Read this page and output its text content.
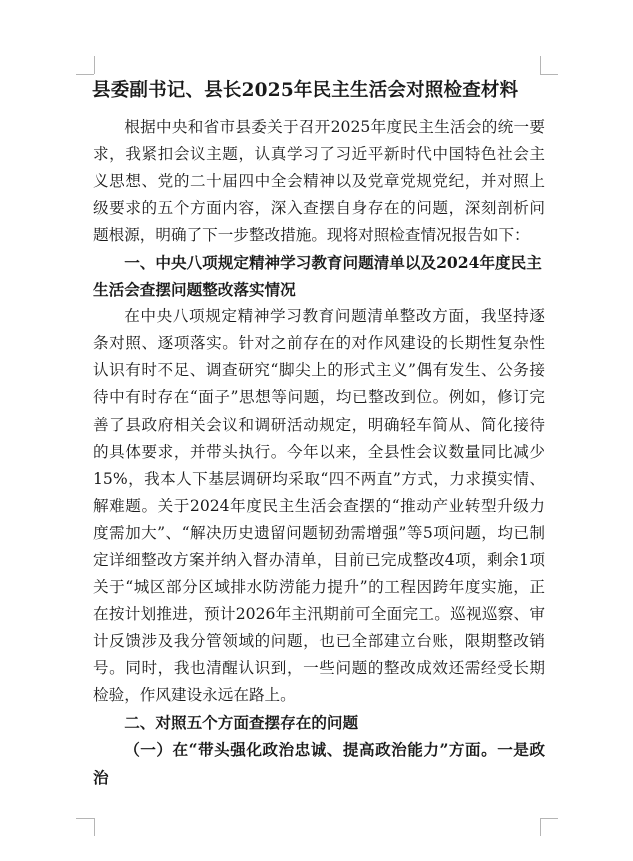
县委副书记、县长2025年民主生活会对照检查材料

根据中央和省市县委关于召开2025年度民主生活会的统一要求，我紧扣会议主题，认真学习了习近平新时代中国特色社会主义思想、党的二十届四中全会精神以及党章党规党纪，并对照上级要求的五个方面内容，深入查摆自身存在的问题，深刻剖析问题根源，明确了下一步整改措施。现将对照检查情况报告如下：

一、中央八项规定精神学习教育问题清单以及2024年度民主生活会查摆问题整改落实情况

在中央八项规定精神学习教育问题清单整改方面，我坚持逐条对照、逐项落实。针对之前存在的对作风建设的长期性复杂性认识有时不足、调查研究“脚尖上的形式主义”偶有发生、公务接待中有时存在“面子”思想等问题，均已整改到位。例如，修订完善了县政府相关会议和调研活动规定，明确轻车简从、简化接待的具体要求，并带头执行。今年以来，全县性会议数量同比减少15%，我本人下基层调研均采取“四不两直”方式，力求摸实情、解难题。关于2024年度民主生活会查摆的“推动产业转型升级力度需加大”、“解决历史遗留问题韧劲需增强”等5项问题，均已制定详细整改方案并纳入督办清单，目前已完成整改4项，剩余1项关于“城区部分区域排水防涝能力提升”的工程因跨年度实施，正在按计划推进，预计2026年主汛期前可全面完工。巡视巡察、审计反馈涉及我分管领域的问题，也已全部建立台账，限期整改销号。同时，我也清醒认识到，一些问题的整改成效还需经受长期检验，作风建设永远在路上。

二、对照五个方面查摆存在的问题

（一）在“带头强化政治忠诚、提高政治能力”方面。一是政治
